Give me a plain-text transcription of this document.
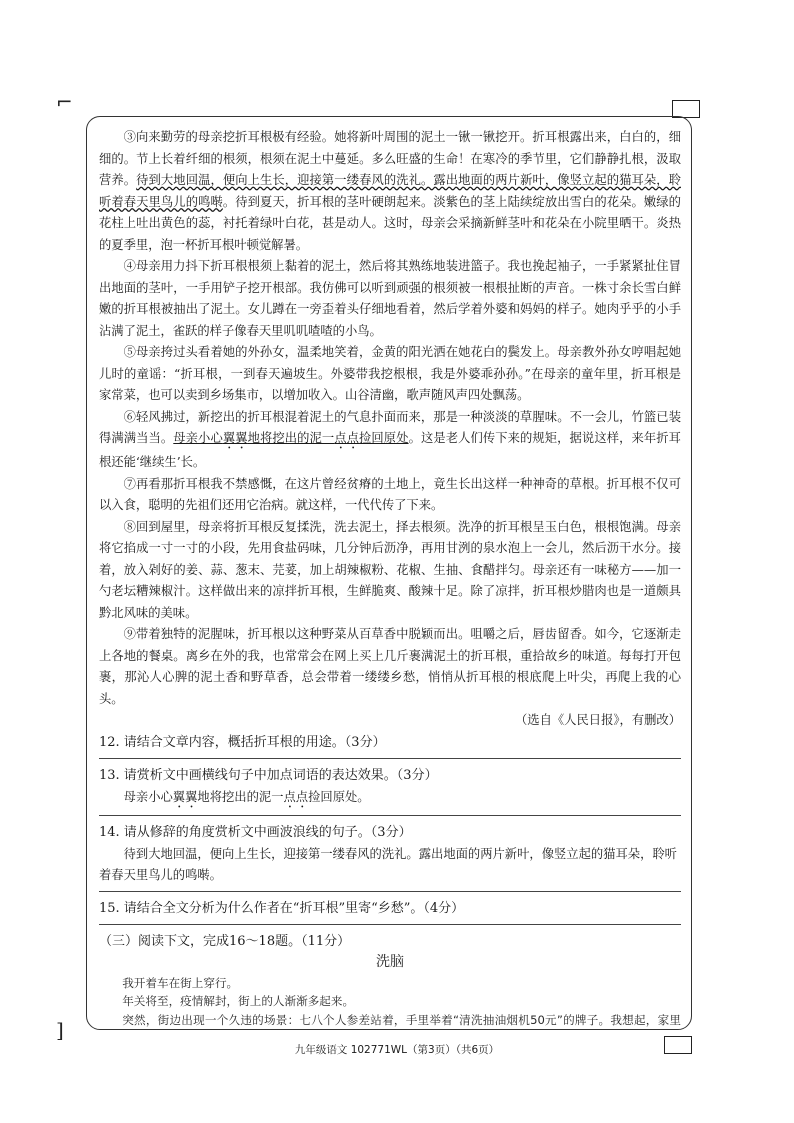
⌐
]

③向来勤劳的母亲挖折耳根极有经验。她将新叶周围的泥土一锹一锹挖开。折耳根露出来，白白的，细细的。节上长着纤细的根须，根须在泥土中蔓延。多么旺盛的生命！在寒冷的季节里，它们静静扎根，汲取营养。待到大地回温，便向上生长，迎接第一缕春风的洗礼。露出地面的两片新叶，像竖立起的猫耳朵，聆听着春天里鸟儿的鸣啭。待到夏天，折耳根的茎叶硬朗起来。淡紫色的茎上陆续绽放出雪白的花朵。嫩绿的花柱上吐出黄色的蕊，衬托着绿叶白花，甚是动人。这时，母亲会采摘新鲜茎叶和花朵在小院里晒干。炎热的夏季里，泡一杯折耳根叶顿觉解暑。

④母亲用力抖下折耳根根须上黏着的泥土，然后将其熟练地装进篮子。我也挽起袖子，一手紧紧扯住冒出地面的茎叶，一手用铲子挖开根部。我仿佛可以听到顽强的根须被一根根扯断的声音。一株寸余长雪白鲜嫩的折耳根被抽出了泥土。女儿蹲在一旁歪着头仔细地看着，然后学着外婆和妈妈的样子。她肉乎乎的小手沾满了泥土，雀跃的样子像春天里叽叽喳喳的小鸟。

⑤母亲挎过头看着她的外孙女，温柔地笑着，金黄的阳光洒在她花白的鬓发上。母亲教外孙女哼唱起她儿时的童谣：“折耳根，一到春天遍坡生。外婆带我挖根根，我是外婆乖孙孙。”在母亲的童年里，折耳根是家常菜，也可以卖到乡场集市，以增加收入。山谷清幽，歌声随风声四处飘荡。

⑥轻风拂过，新挖出的折耳根混着泥土的气息扑面而来，那是一种淡淡的草腥味。不一会儿，竹篮已装得满满当当。母亲小心翼翼地将挖出的泥一点点捡回原处。这是老人们传下来的规矩，据说这样，来年折耳根还能‘继续生’长。

⑦再看那折耳根我不禁感慨，在这片曾经贫瘠的土地上，竟生长出这样一种神奇的草根。折耳根不仅可以入食，聪明的先祖们还用它治病。就这样，一代代传了下来。

⑧回到屋里，母亲将折耳根反复揉洗，洗去泥土，择去根须。洗净的折耳根呈玉白色，根根饱满。母亲将它掐成一寸一寸的小段，先用食盐码味，几分钟后沥净，再用甘洌的泉水泡上一会儿，然后沥干水分。接着，放入剁好的姜、蒜、葱末、芫荽，加上胡辣椒粉、花椒、生抽、食醋拌匀。母亲还有一味秘方——加一勺老坛糟辣椒汁。这样做出来的凉拌折耳根，生鲜脆爽、酸辣十足。除了凉拌，折耳根炒腊肉也是一道颇具黔北风味的美味。

⑨带着独特的泥腥味，折耳根以这种野菜从百草香中脱颖而出。咀嚼之后，唇齿留香。如今，它逐渐走上各地的餐桌。离乡在外的我，也常常会在网上买上几斤裹满泥土的折耳根，重拾故乡的味道。每每打开包裹，那沁人心脾的泥土香和野草香，总会带着一缕缕乡愁，悄悄从折耳根的根底爬上叶尖，再爬上我的心头。

（选自《人民日报》，有删改）

12. 请结合文章内容，概括折耳根的用途。（3分）

13. 请赏析文中画横线句子中加点词语的表达效果。（3分）

母亲小心翼翼地将挖出的泥一点点捡回原处。

14. 请从修辞的角度赏析文中画波浪线的句子。（3分）

待到大地回温，便向上生长，迎接第一缕春风的洗礼。露出地面的两片新叶，像竖立起的猫耳朵，聆听着春天里鸟儿的鸣啭。

15. 请结合全文分析为什么作者在“折耳根”里寄“乡愁”。（4分）

（三）阅读下文，完成16～18题。（11分）

洗脑

我开着车在街上穿行。

年关将至，疫情解封，街上的人渐渐多起来。

突然，街边出现一个久违的场景：七八个人参差站着，手里举着“清洗抽油烟机50元”的牌子。我想起，家里

九年级语文 102771WL（第3页）（共6页）
